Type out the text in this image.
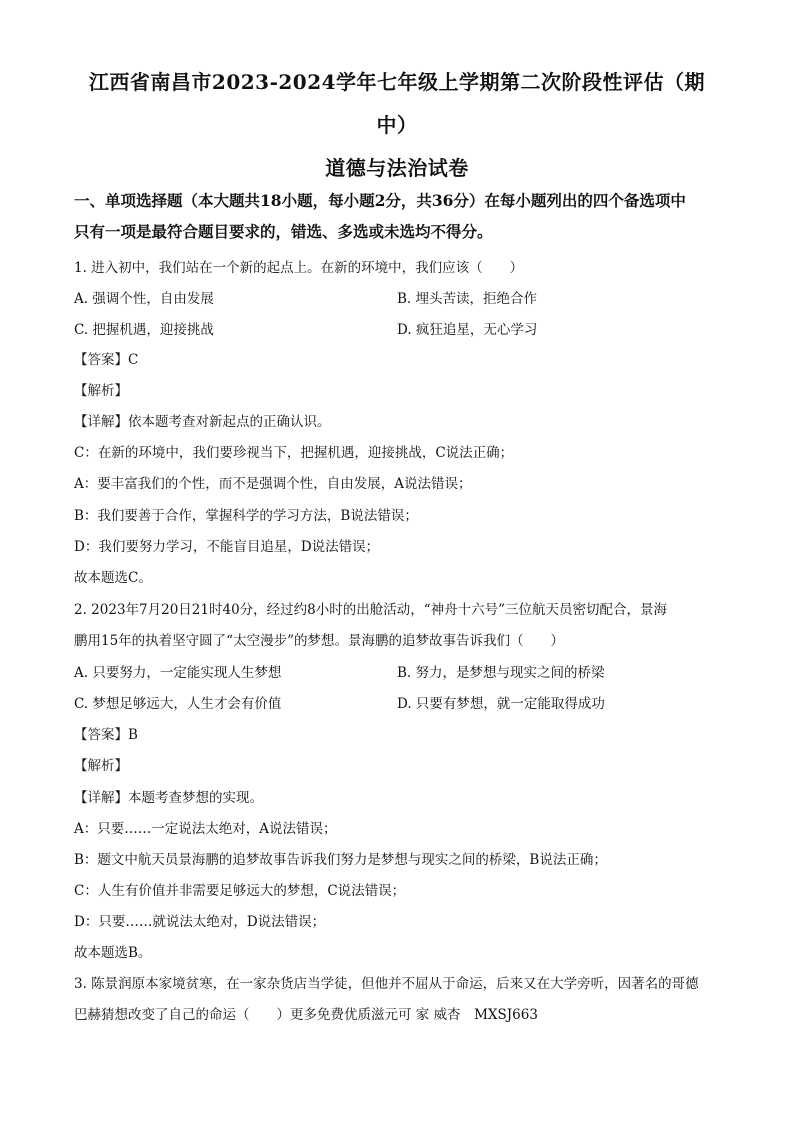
江西省南昌市2023-2024学年七年级上学期第二次阶段性评估（期
中）
道德与法治试卷
一、单项选择题（本大题共18小题，每小题2分，共36分）在每小题列出的四个备选项中
只有一项是最符合题目要求的，错选、多选或未选均不得分。
1. 进入初中，我们站在一个新的起点上。在新的环境中，我们应该（　　）
A. 强调个性，自由发展	B. 埋头苦读，拒绝合作
C. 把握机遇，迎接挑战	D. 疯狂追星，无心学习
【答案】C
【解析】
【详解】依本题考查对新起点的正确认识。
C：在新的环境中，我们要珍视当下，把握机遇，迎接挑战，C说法正确；
A：要丰富我们的个性，而不是强调个性，自由发展，A说法错误；
B：我们要善于合作，掌握科学的学习方法，B说法错误；
D：我们要努力学习，不能盲目追星，D说法错误；
故本题选C。
2. 2023年7月20日21时40分，经过约8小时的出舱活动，“神舟十六号”三位航天员密切配合，景海
鹏用15年的执着坚守圆了“太空漫步”的梦想。景海鹏的追梦故事告诉我们（　　）
A. 只要努力，一定能实现人生梦想	B. 努力，是梦想与现实之间的桥梁
C. 梦想足够远大，人生才会有价值	D. 只要有梦想，就一定能取得成功
【答案】B
【解析】
【详解】本题考查梦想的实现。
A：只要……一定说法太绝对，A说法错误；
B：题文中航天员景海鹏的追梦故事告诉我们努力是梦想与现实之间的桥梁，B说法正确；
C：人生有价值并非需要足够远大的梦想，C说法错误；
D：只要……就说法太绝对，D说法错误；
故本题选B。
3. 陈景润原本家境贫寒，在一家杂货店当学徒，但他并不屈从于命运，后来又在大学旁听，因著名的哥德
巴赫猜想改变了自己的命运（　　）更多免费优质滋元可 家 威杏　MXSJ663
